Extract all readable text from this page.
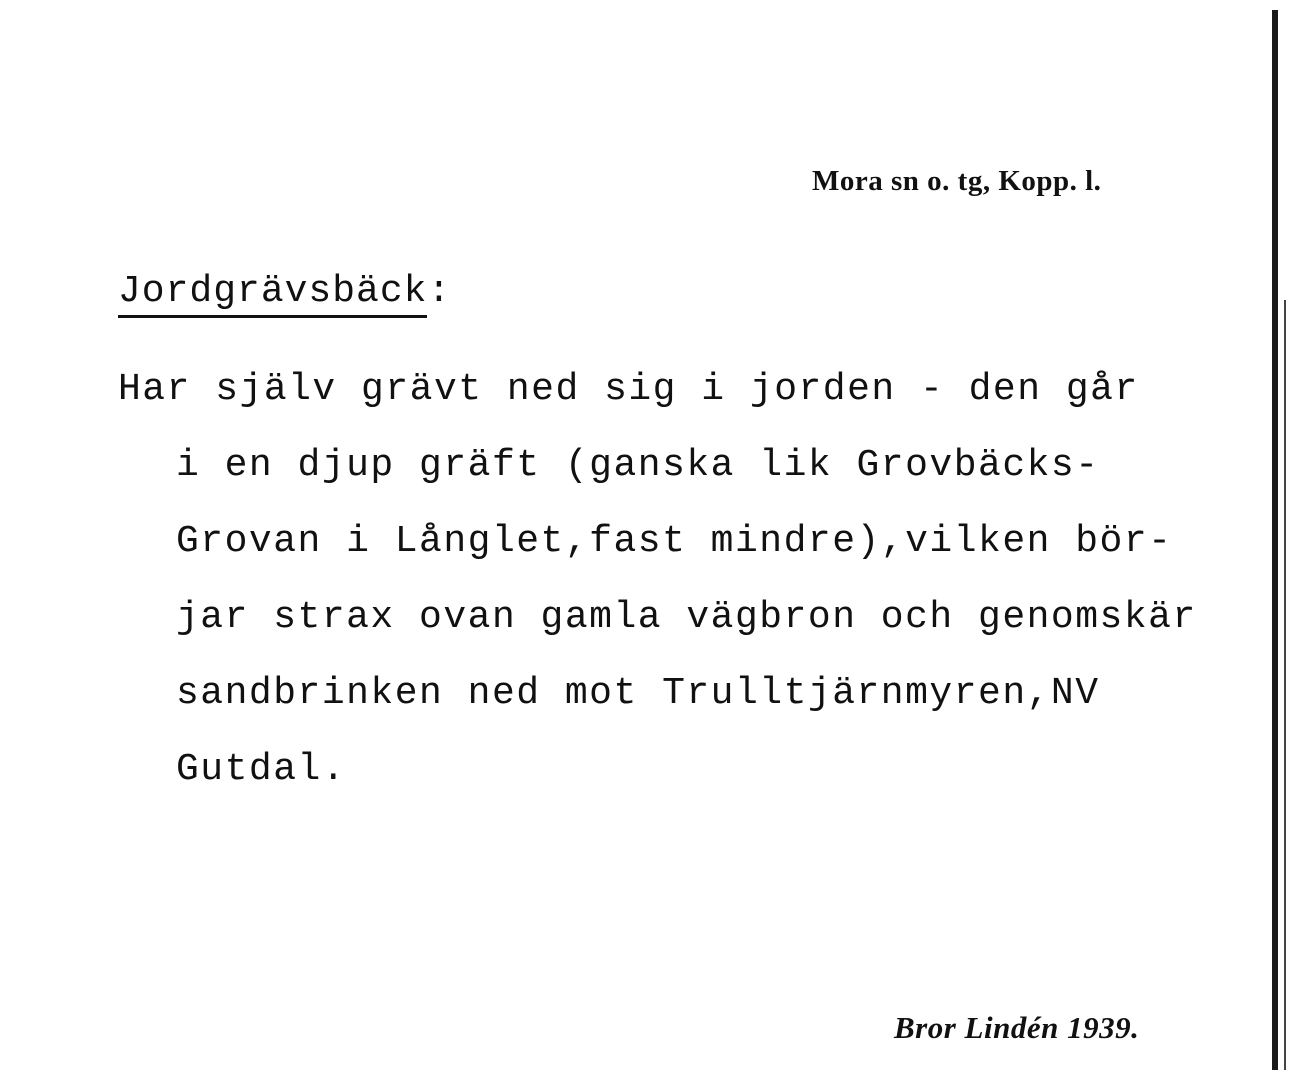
Mora sn o. tg, Kopp. l.
Jordgrävsbäck:
Har själv grävt ned sig i jorden - den går
i en djup gräft (ganska lik Grovbäcks-
Grovan i Långlet,fast mindre),vilken bör-
jar strax ovan gamla vägbron och genomskär
sandbrinken ned mot Trulltjärnmyren,NV
Gutdal.
Bror Lindén 1939.
